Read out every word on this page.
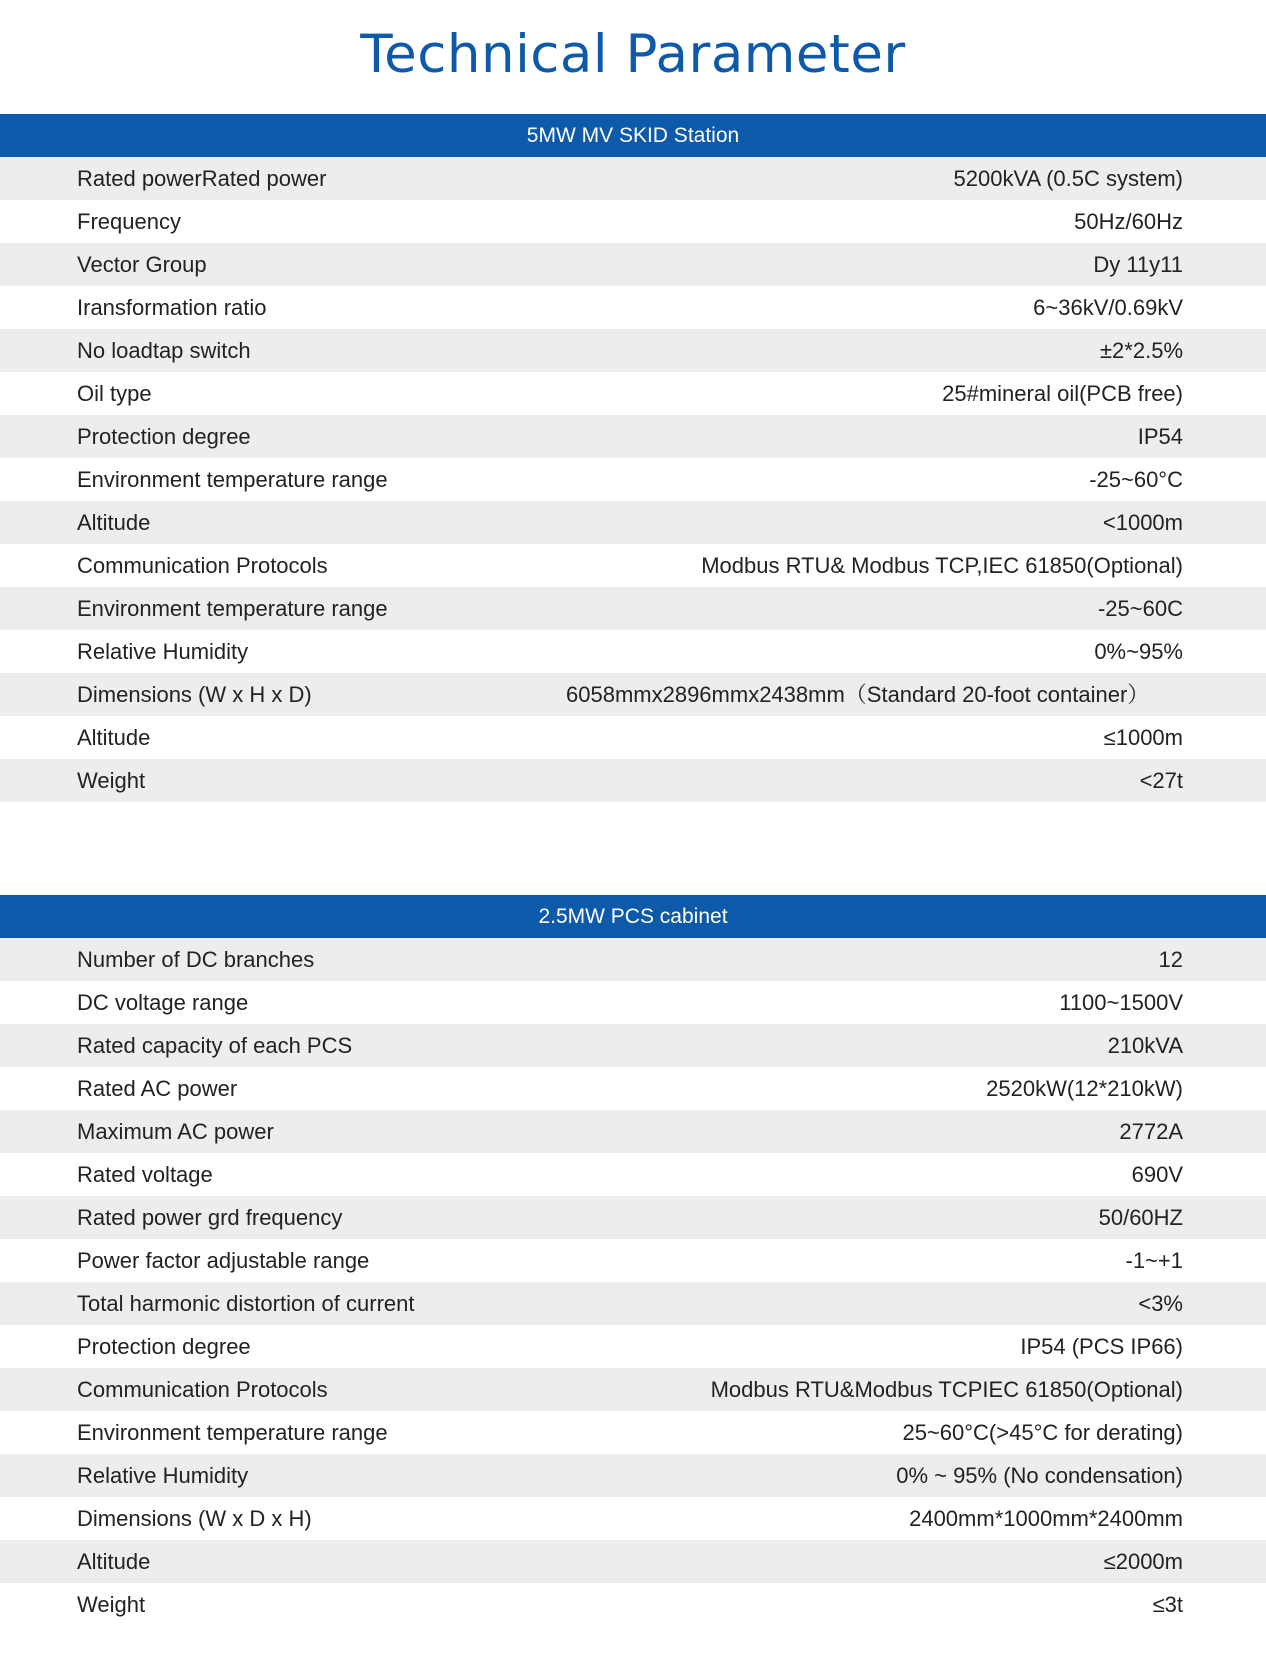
Technical Parameter
5MW MV SKID Station
Rated powerRated power	5200kVA (0.5C system)
Frequency	50Hz/60Hz
Vector Group	Dy 11y11
Iransformation ratio	6~36kV/0.69kV
No loadtap switch	±2*2.5%
Oil type	25#mineral oil(PCB free)
Protection degree	IP54
Environment temperature range	-25~60°C
Altitude	<1000m
Communication Protocols	Modbus RTU& Modbus TCP,IEC 61850(Optional)
Environment temperature range	-25~60C
Relative Humidity	0%~95%
Dimensions (W x H x D)	6058mmx2896mmx2438mm（Standard 20-foot container）
Altitude	≤1000m
Weight	<27t
2.5MW PCS cabinet
Number of DC branches	12
DC voltage range	1100~1500V
Rated capacity of each PCS	210kVA
Rated AC power	2520kW(12*210kW)
Maximum AC power	2772A
Rated voltage	690V
Rated power grd frequency	50/60HZ
Power factor adjustable range	-1~+1
Total harmonic distortion of current	<3%
Protection degree	IP54 (PCS IP66)
Communication Protocols	Modbus RTU&Modbus TCPIEC 61850(Optional)
Environment temperature range	25~60°C(>45°C for derating)
Relative Humidity	0% ~ 95% (No condensation)
Dimensions (W x D x H)	2400mm*1000mm*2400mm
Altitude	≤2000m
Weight	≤3t
